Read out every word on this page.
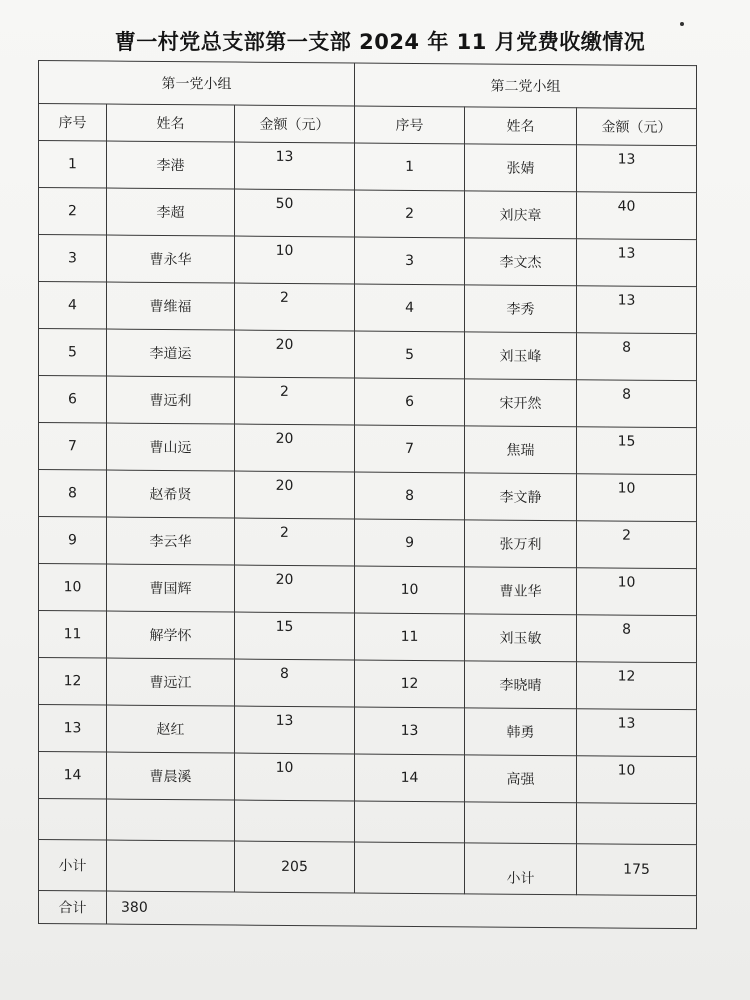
曹一村党总支部第一支部 2024 年 11 月党费收缴情况
第一党小组			第二党小组		
序号	姓名	金额（元）	序号	姓名	金额（元）
1	李港	13	1	张婧	13
2	李超	50	2	刘庆章	40
3	曹永华	10	3	李文杰	13
4	曹维福	2	4	李秀	13
5	李道运	20	5	刘玉峰	8
6	曹远利	2	6	宋开然	8
7	曹山远	20	7	焦瑞	15
8	赵希贤	20	8	李文静	10
9	李云华	2	9	张万利	2
10	曹国辉	20	10	曹业华	10
11	解学怀	15	11	刘玉敏	8
12	曹远江	8	12	李晓晴	12
13	赵红	13	13	韩勇	13
14	曹晨溪	10	14	高强	10

小计		205		小计	175
合计	380				
